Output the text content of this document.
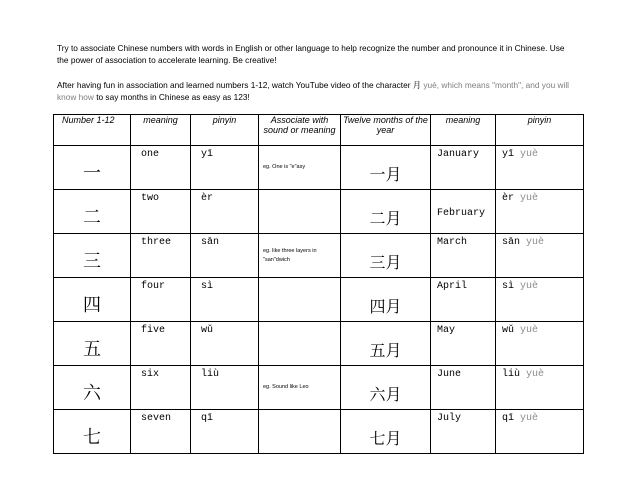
Try to associate Chinese numbers with words in English or other language to help recognize the number and pronounce it in Chinese. Use the power of association to accelerate learning. Be creative!

After having fun in association and learned numbers 1-12, watch YouTube video of the character 月 yuè, which means "month", and you will know how to say months in Chinese as easy as 123!

Number 1-12	meaning	pinyin	Associate with sound or meaning	Twelve months of the year	meaning	pinyin

一	one	yī	eg. One is "e"asy	一月	January	yī yuè

二	two	èr		二月	February	èr yuè

三	three	sān	eg. like three layers in "san"dwich	三月	March	sān yuè

四	four	sì		四月	April	sì yuè

五	five	wǔ		五月	May	wǔ yuè

六	six	liù	eg. Sound like Leo	六月	June	liù yuè

七	seven	qī		七月	July	qī yuè
